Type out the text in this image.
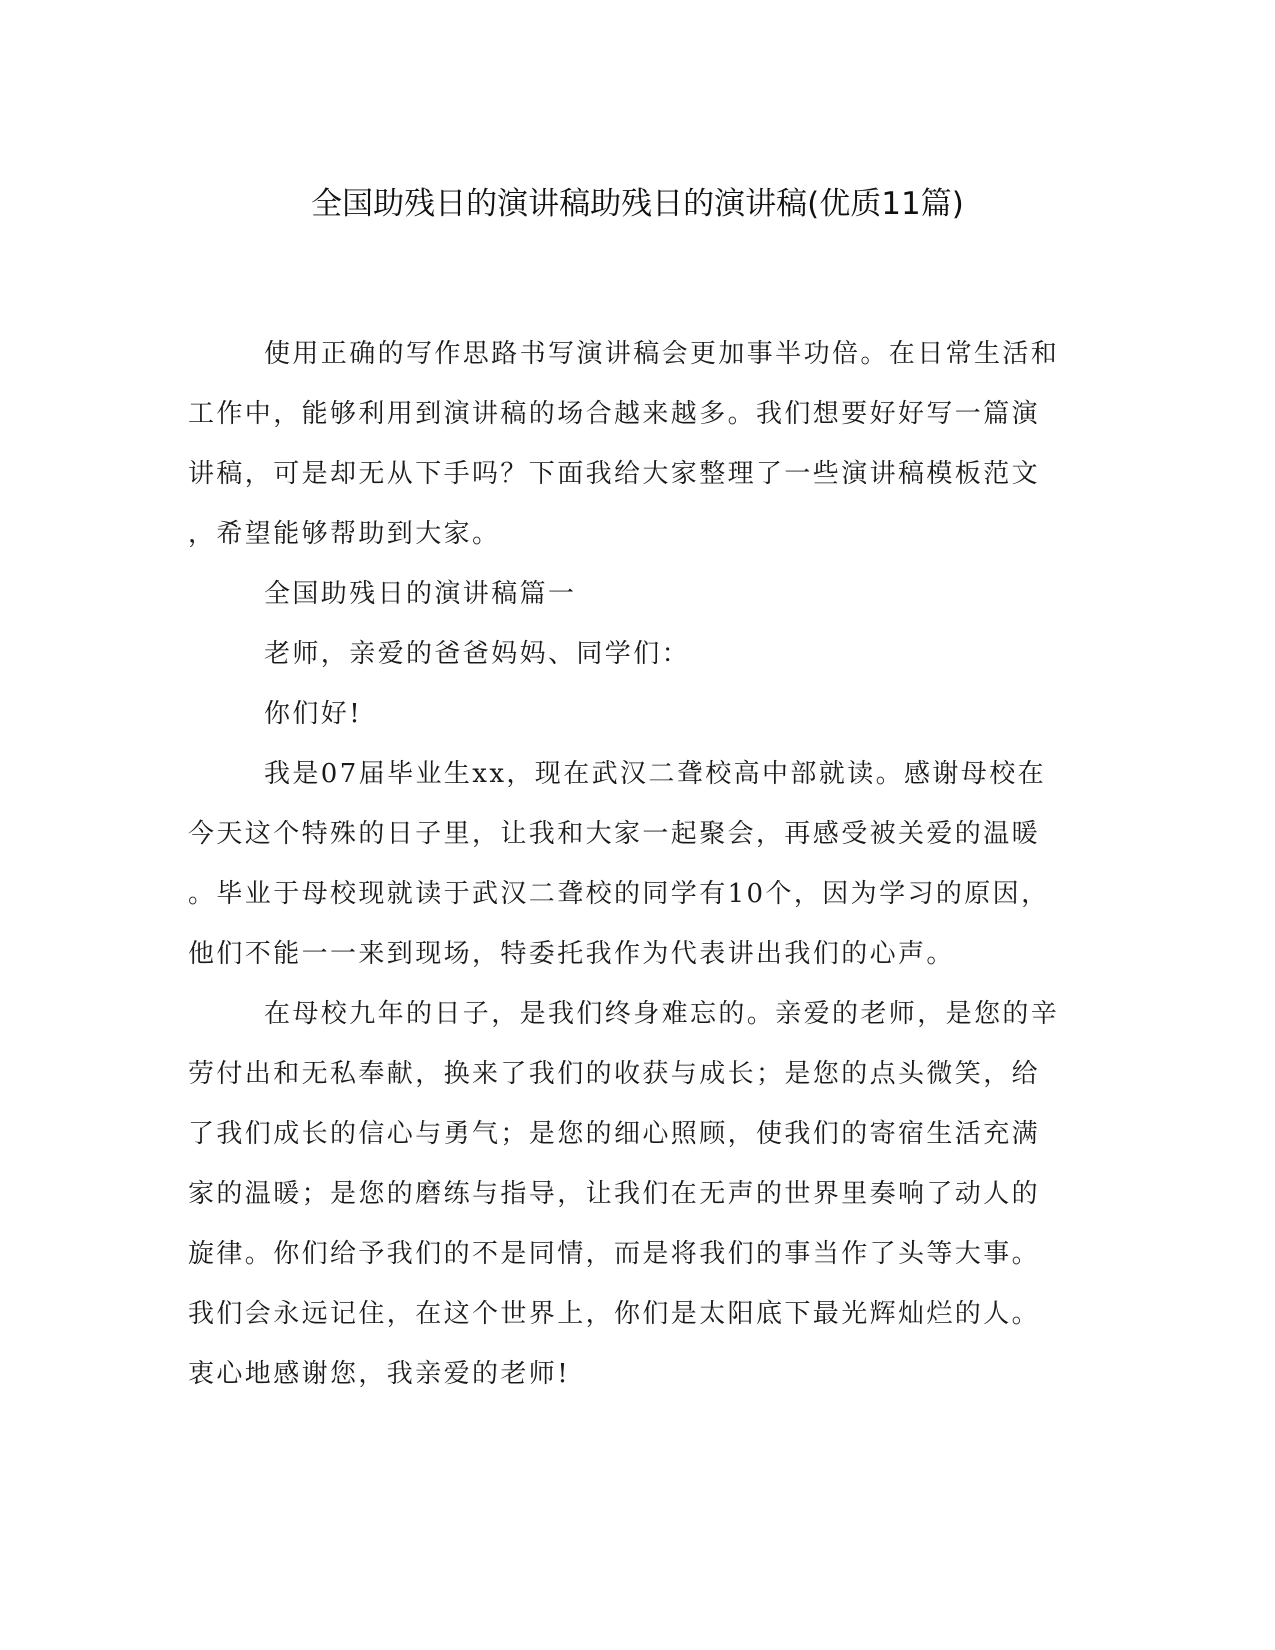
全国助残日的演讲稿助残日的演讲稿(优质11篇)
使用正确的写作思路书写演讲稿会更加事半功倍。在日常生活和
工作中，能够利用到演讲稿的场合越来越多。我们想要好好写一篇演
讲稿，可是却无从下手吗？下面我给大家整理了一些演讲稿模板范文
，希望能够帮助到大家。
全国助残日的演讲稿篇一
老师，亲爱的爸爸妈妈、同学们：
你们好!
我是07届毕业生xx，现在武汉二聋校高中部就读。感谢母校在
今天这个特殊的日子里，让我和大家一起聚会，再感受被关爱的温暖
。毕业于母校现就读于武汉二聋校的同学有10个，因为学习的原因，
他们不能一一来到现场，特委托我作为代表讲出我们的心声。
在母校九年的日子，是我们终身难忘的。亲爱的老师，是您的辛
劳付出和无私奉献，换来了我们的收获与成长；是您的点头微笑，给
了我们成长的信心与勇气；是您的细心照顾，使我们的寄宿生活充满
家的温暖；是您的磨练与指导，让我们在无声的世界里奏响了动人的
旋律。你们给予我们的不是同情，而是将我们的事当作了头等大事。
我们会永远记住，在这个世界上，你们是太阳底下最光辉灿烂的人。
衷心地感谢您，我亲爱的老师!
